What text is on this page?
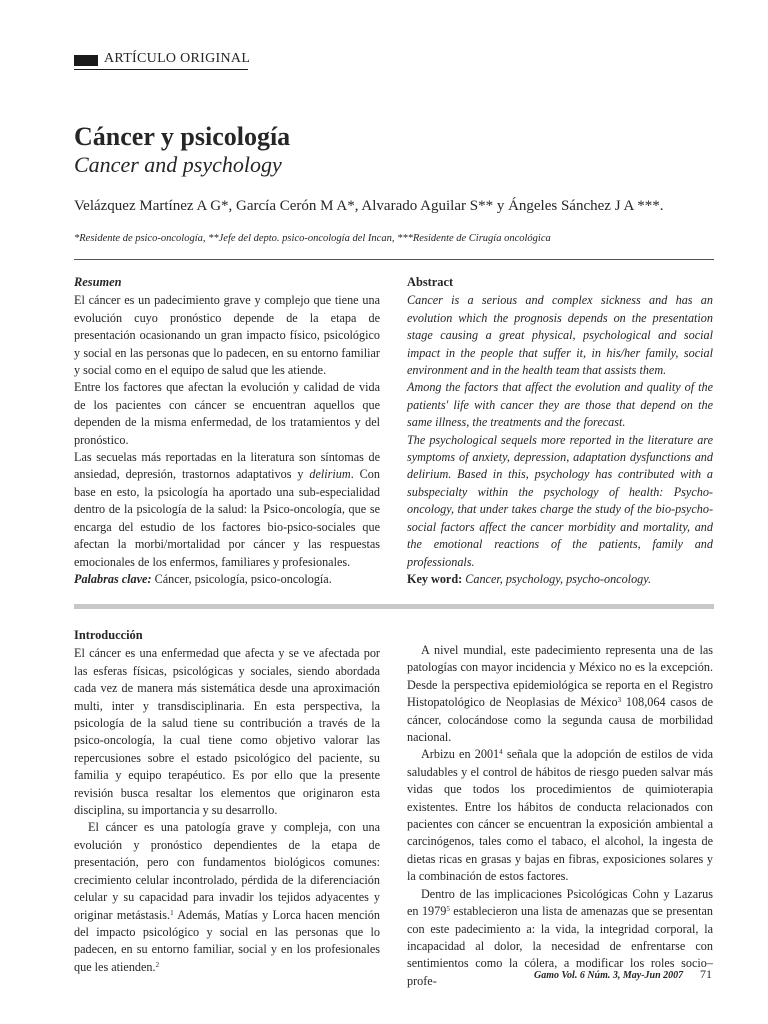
ARTÍCULO ORIGINAL
Cáncer y psicología
Cancer and psychology
Velázquez Martínez A G*, García Cerón M A*, Alvarado Aguilar S** y Ángeles Sánchez J A ***.
*Residente de psico-oncología, **Jefe del depto. psico-oncología del Incan, ***Residente de Cirugía oncológica
Resumen

El cáncer es un padecimiento grave y complejo que tiene una evolución cuyo pronóstico depende de la etapa de presentación ocasionando un gran impacto físico, psicológico y social en las personas que lo padecen, en su entorno familiar y social como en el equipo de salud que les atiende.

Entre los factores que afectan la evolución y calidad de vida de los pacientes con cáncer se encuentran aquellos que dependen de la misma enfermedad, de los tratamientos y del pronóstico.

Las secuelas más reportadas en la literatura son síntomas de ansiedad, depresión, trastornos adaptativos y delirium. Con base en esto, la psicología ha aportado una sub-especialidad dentro de la psicología de la salud: la Psico-oncología, que se encarga del estudio de los factores bio-psico-sociales que afectan la morbi/mortalidad por cáncer y las respuestas emocionales de los enfermos, familiares y profesionales.

Palabras clave: Cáncer, psicología, psico-oncología.

Abstract

Cancer is a serious and complex sickness and has an evolution which the prognosis depends on the presentation stage causing a great physical, psychological and social impact in the people that suffer it, in his/her family, social environment and in the health team that assists them.

Among the factors that affect the evolution and quality of the patients' life with cancer they are those that depend on the same illness, the treatments and the forecast.

The psychological sequels more reported in the literature are symptoms of anxiety, depression, adaptation dysfunctions and delirium. Based in this, psychology has contributed with a subspecialty within the psychology of health: Psycho-oncology, that under takes charge the study of the bio-psycho-social factors affect the cancer morbidity and mortality, and the emotional reactions of the patients, family and professionals.

Key word: Cancer, psychology, psycho-oncology.

Introducción

El cáncer es una enfermedad que afecta y se ve afectada por las esferas físicas, psicológicas y sociales, siendo abordada cada vez de manera más sistemática desde una aproximación multi, inter y transdisciplinaria. En esta perspectiva, la psicología de la salud tiene su contribución a través de la psico-oncología, la cual tiene como objetivo valorar las repercusiones sobre el estado psicológico del paciente, su familia y equipo terapéutico. Es por ello que la presente revisión busca resaltar los elementos que originaron esta disciplina, su importancia y su desarrollo.

El cáncer es una patología grave y compleja, con una evolución y pronóstico dependientes de la etapa de presentación, pero con fundamentos biológicos comunes: crecimiento celular incontrolado, pérdida de la diferenciación celular y su capacidad para invadir los tejidos adyacentes y originar metástasis.$^1$ Además, Matías y Lorca hacen mención del impacto psicológico y social en las personas que lo padecen, en su entorno familiar, social y en los profesionales que les atienden.$^2$

A nivel mundial, este padecimiento representa una de las patologías con mayor incidencia y México no es la excepción. Desde la perspectiva epidemiológica se reporta en el Registro Histopatológico de Neoplasias de México$^3$ 108,064 casos de cáncer, colocándose como la segunda causa de morbilidad nacional.

Arbizu en 2001$^4$ señala que la adopción de estilos de vida saludables y el control de hábitos de riesgo pueden salvar más vidas que todos los procedimientos de quimioterapia existentes. Entre los hábitos de conducta relacionados con pacientes con cáncer se encuentran la exposición ambiental a carcinógenos, tales como el tabaco, el alcohol, la ingesta de dietas ricas en grasas y bajas en fibras, exposiciones solares y la combinación de estos factores.

Dentro de las implicaciones Psicológicas Cohn y Lazarus en 1979$^5$ establecieron una lista de amenazas que se presentan con este padecimiento a: la vida, la integridad corporal, la incapacidad al dolor, la necesidad de enfrentarse con sentimientos como la cólera, a modificar los roles socio–profe-	Gamo Vol. 6 Núm. 3, May-Jun 2007 71
